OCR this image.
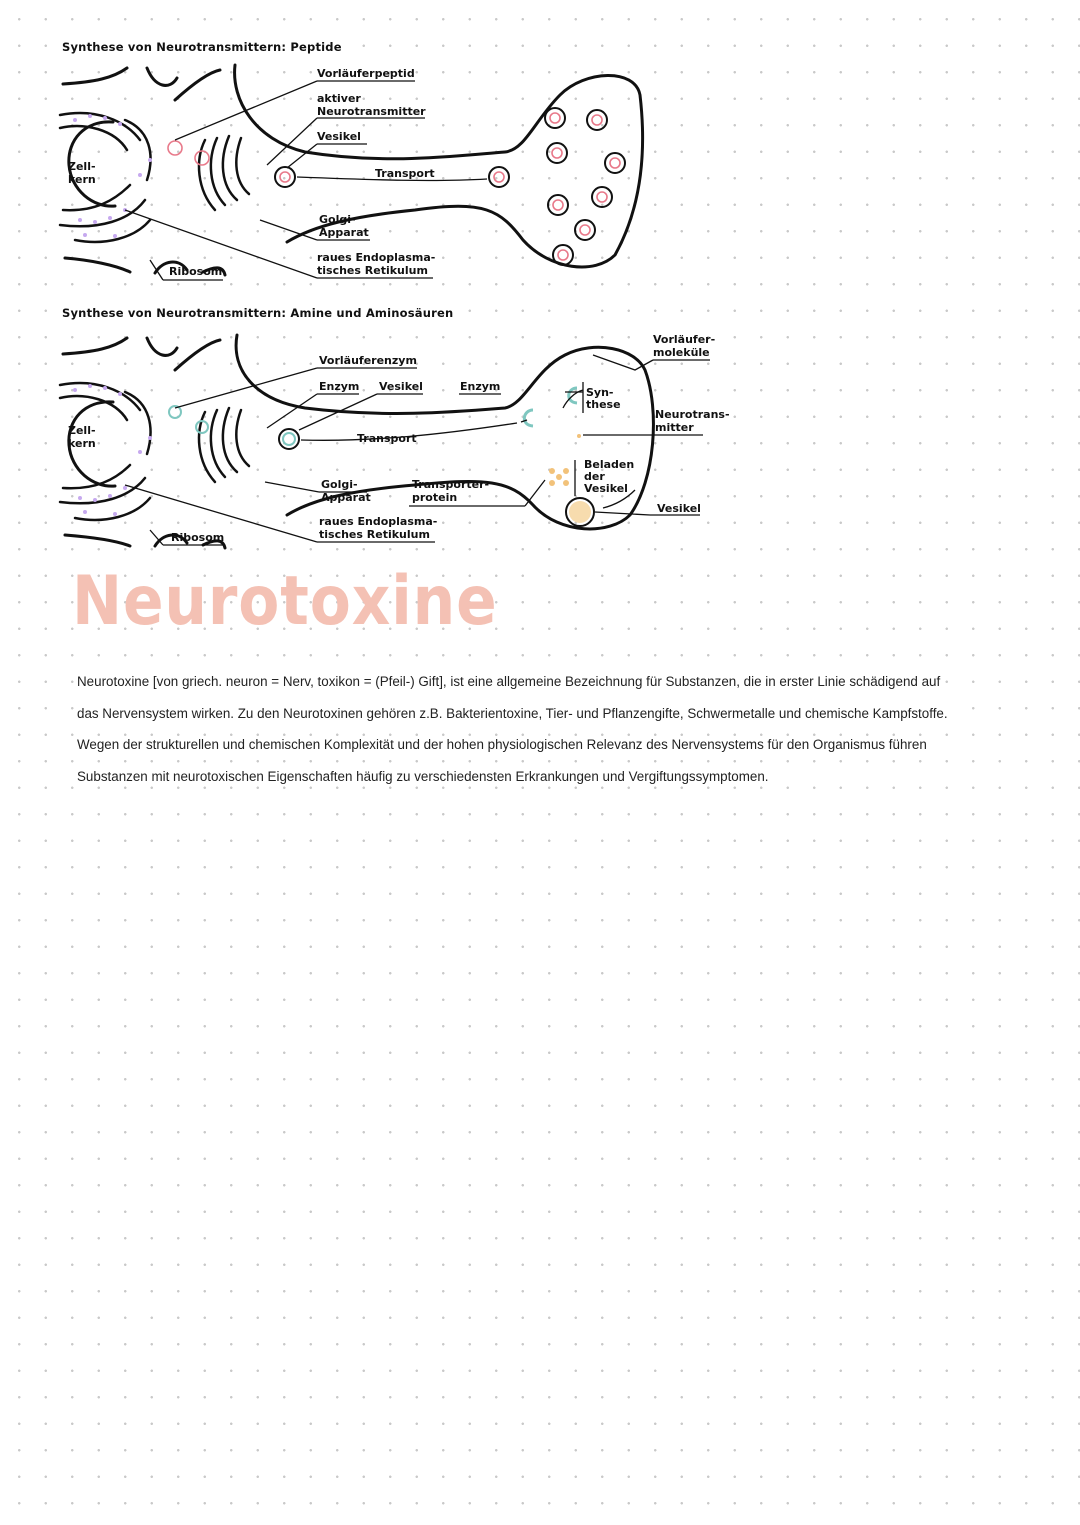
Synthese von Neurotransmittern: Peptide

Zell-
kern
Vorläuferpeptid
aktiver
Neurotransmitter
Vesikel
Transport
Golgi-
Apparat
raues Endoplasma-
tisches Retikulum
Ribosom

Synthese von Neurotransmittern: Amine und Aminosäuren

Zell-
kern
Vorläuferenzym
Enzym Vesikel	Enzym
Transport
Golgi-
Apparat
Transporter-
protein
raues Endoplasma-
tisches Retikulum
Ribosom
Vorläufer-
moleküle
Syn-
these
Neurotrans-
mitter
Beladen
der
Vesikel
Vesikel
Neurotoxine
Neurotoxine [von griech. neuron = Nerv, toxikon = (Pfeil-) Gift], ist eine allgemeine Bezeichnung für Substanzen, die in erster Linie schädigend auf
das Nervensystem wirken. Zu den Neurotoxinen gehören z.B. Bakterientoxine, Tier- und Pflanzengifte, Schwermetalle und chemische Kampfstoffe.
Wegen der strukturellen und chemischen Komplexität und der hohen physiologischen Relevanz des Nervensystems für den Organismus führen
Substanzen mit neurotoxischen Eigenschaften häufig zu verschiedensten Erkrankungen und Vergiftungssymptomen.
